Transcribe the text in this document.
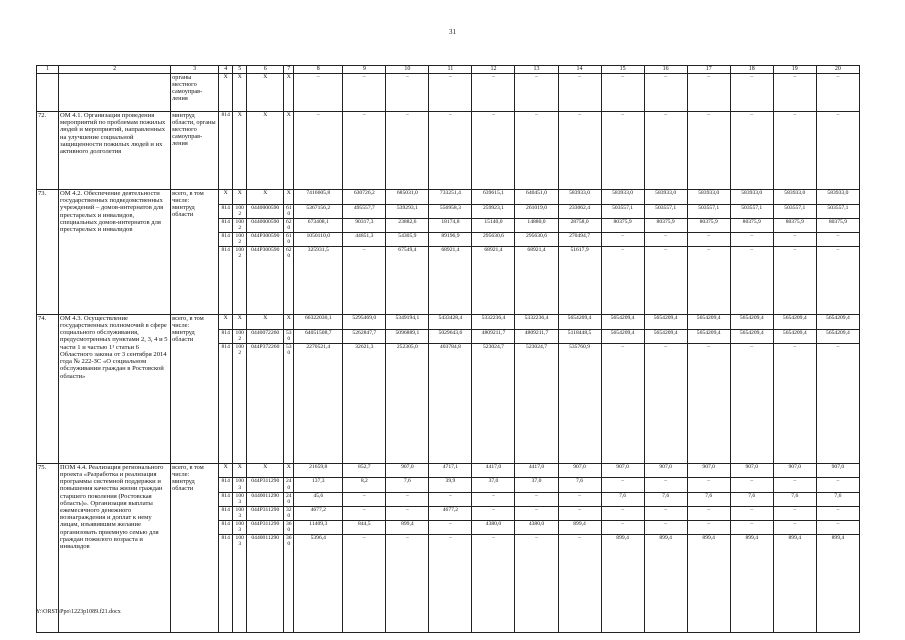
31
1	2	3	4	5	6	7	8	9	10	11	12	13	14	15	16	17	18	19	20
		органы местного самоуправ-ления	X	X	X	X	–	–	–	–	–	–	–	–	–	–	–	–	–
72.	ОМ 4.1. Организация проведения мероприятий по проблемам пожилых людей и мероприятий, направленных на улучшение социальной защищенности пожилых людей и их активного долголетия	минтруд области, органы местного самоуправ-ления	814	X	X	X	–	–	–	–	–	–	–	–	–	–	–	–	–
73.	ОМ 4.2. Обеспечение деятельности государственных подведомственных учреждений – домов-интернатов для престарелых и инвалидов, специальных домов-интернатов для престарелых и инвалидов	всего, в том числе:	X	X	X	X	7416605,8	630726,2	685031,0	733251,4	639615,1	640451,0	583933,0	583933,0	583933,0	583933,0	583933,0	583933,0	583933,0
		минтруд области	814	1002	0440000590	610	5367156,2	495557,7	539293,1	556958,3	259923,1	261019,0	233062,4	503557,1	503557,1	503557,1	503557,1	503557,1	503557,1
			814	1002	0440000590	620	673408,1	90317,3	23882,6	18174,8	15140,0	14880,0	28758,0	80375,9	80375,9	80375,9	80375,9	80375,9	80375,9
			814	1002	044Р300590	610	1050110,0	44851,3	54305,9	89196,9	295630,6	295630,6	270494,7	–	–	–	–	–	–
			814	1002	044Р300590	620	325931,5	–	67549,4	68921,4	68921,4	68921,4	51617,9	–	–	–	–	–	–
74.	ОМ 4.3. Осуществление государственных полномочий в сфере социального обслуживания, предусмотренных пунктами 2, 3, 4 и 5 части 1 и частью 1¹ статьи 6 Областного закона от 3 сентября 2014 года № 222-ЗС «О социальном обслуживании граждан в Ростовской области»	всего, в том числе:	X	X	X	X	66322030,1	5295469,0	5349194,1	5433428,4	5332236,4	5332236,4	5654209,4	5654209,4	5654209,4	5654209,4	5654209,4	5654209,4	5654209,4
		минтруд области	814	1002	0440072260	530	64051508,7	5262847,7	5096889,1	5029643,6	4809211,7	4809211,7	5118448,5	5654209,4	5654209,4	5654209,4	5654209,4	5654209,4	5654209,4
			814	1002	044Р372260	530	2270521,4	32621,3	252305,0	403784,8	523024,7	523024,7	535760,9	–	–	–	–	–	–
75.	ПОМ 4.4. Реализация регионального проекта «Разработка и реализация программы системной поддержки и повышения качества жизни граждан старшего поколения (Ростовская область)». Организация выплаты ежемесячного денежного вознаграждения и доплат к нему лицам, изъявившим желание организовать приемную семью для граждан пожилого возраста и инвалидов	всего, в том числе:	X	X	X	X	21659,8	852,7	907,0	4717,1	4417,0	4417,0	907,0	907,0	907,0	907,0	907,0	907,0	907,0
		минтруд области	814	1003	044Р311290	240	137,3	8,2	7,6	39,9	37,0	37,0	7,6	–	–	–	–	–	–
			814	1003	0440011290	240	45,6	–	–	–	–	–	–	7,6	7,6	7,6	7,6	7,6	7,6
			814	1003	044Р311290	320	4677,2	–	–	4677,2	–	–	–	–	–	–	–	–	–
			814	1003	044Р311290	360	11409,3	844,5	899,4	–	4380,0	4380,0	899,4	–	–	–	–	–	–
			814	1003	0440011290	360	5396,4	–	–	–	–	–	–	899,4	899,4	899,4	899,4	899,4	899,4
Y:\ORST\Ppo\1223p1089.f21.docx
